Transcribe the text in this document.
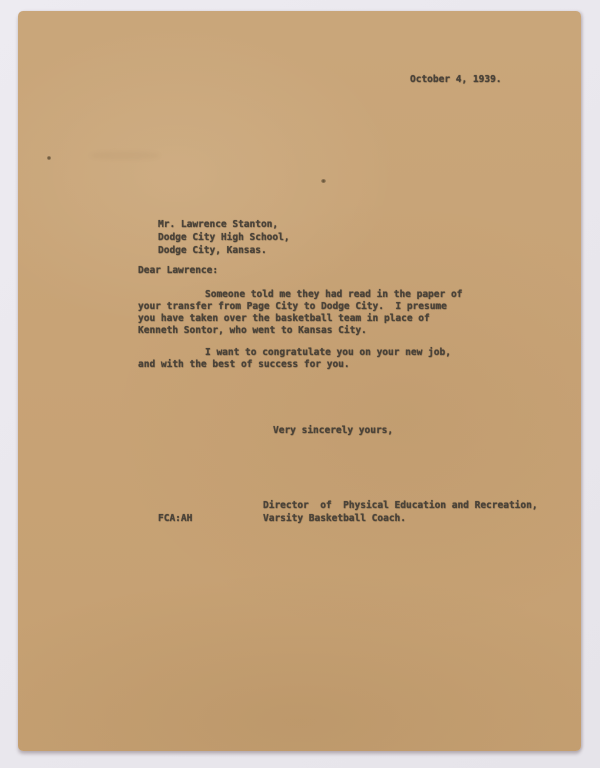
October 4, 1939.
Mr. Lawrence Stanton,
Dodge City High School,
Dodge City, Kansas.
Dear Lawrence:
Someone told me they had read in the paper of
your transfer from Page City to Dodge City.  I presume
you have taken over the basketball team in place of
Kenneth Sontor, who went to Kansas City.
I want to congratulate you on your new job,
and with the best of success for you.
Very sincerely yours,
Director  of  Physical Education and Recreation,
Varsity Basketball Coach.
FCA:AH
